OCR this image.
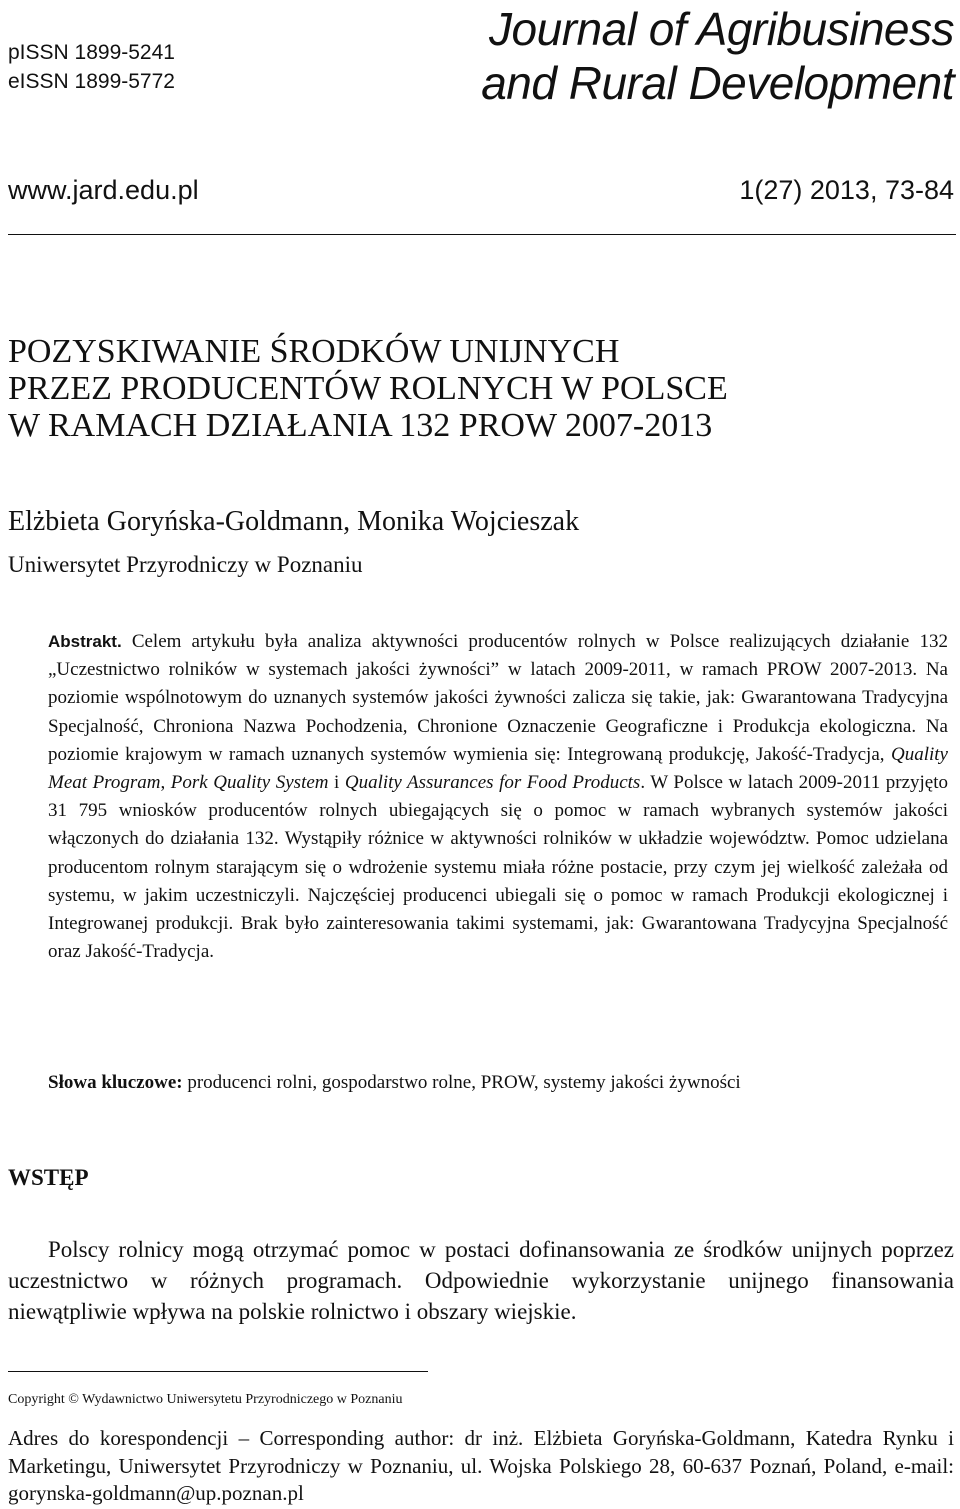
pISSN 1899-5241
eISSN 1899-5772
Journal of Agribusiness
and Rural Development
www.jard.edu.pl	1(27) 2013, 73-84
POZYSKIWANIE ŚRODKÓW UNIJNYCH
PRZEZ PRODUCENTÓW ROLNYCH W POLSCE
W RAMACH DZIAŁANIA 132 PROW 2007-2013
Elżbieta Goryńska-Goldmann, Monika Wojcieszak
Uniwersytet Przyrodniczy w Poznaniu
Abstrakt. Celem artykułu była analiza aktywności producentów rolnych w Polsce realizujących działanie 132 „Uczestnictwo rolników w systemach jakości żywności” w latach 2009-2011, w ramach PROW 2007-2013. Na poziomie wspólnotowym do uznanych systemów jakości żywności zalicza się takie, jak: Gwarantowana Tradycyjna Specjalność, Chroniona Nazwa Pochodzenia, Chronione Oznaczenie Geograficzne i Produkcja ekologiczna. Na poziomie krajowym w ramach uznanych systemów wymienia się: Integrowaną produkcję, Jakość-Tradycja, Quality Meat Program, Pork Quality System i Quality Assurances for Food Products. W Polsce w latach 2009-2011 przyjęto 31 795 wniosków producentów rolnych ubiegających się o pomoc w ramach wybranych systemów jakości włączonych do działania 132. Wystąpiły różnice w aktywności rolników w układzie województw. Pomoc udzielana producentom rolnym starającym się o wdrożenie systemu miała różne postacie, przy czym jej wielkość zależała od systemu, w jakim uczestniczyli. Najczęściej producenci ubiegali się o pomoc w ramach Produkcji ekologicznej i Integrowanej produkcji. Brak było zainteresowania takimi systemami, jak: Gwarantowana Tradycyjna Specjalność oraz Jakość-Tradycja.
Słowa kluczowe: producenci rolni, gospodarstwo rolne, PROW, systemy jakości żywności
WSTĘP
Polscy rolnicy mogą otrzymać pomoc w postaci dofinansowania ze środków unijnych poprzez uczestnictwo w różnych programach. Odpowiednie wykorzystanie unijnego finansowania niewątpliwie wpływa na polskie rolnictwo i obszary wiejskie.
Copyright © Wydawnictwo Uniwersytetu Przyrodniczego w Poznaniu
Adres do korespondencji – Corresponding author: dr inż. Elżbieta Goryńska-Goldmann, Katedra Rynku i Marketingu, Uniwersytet Przyrodniczy w Poznaniu, ul. Wojska Polskiego 28, 60-637 Poznań, Poland, e-mail: gorynska-goldmann@up.poznan.pl
